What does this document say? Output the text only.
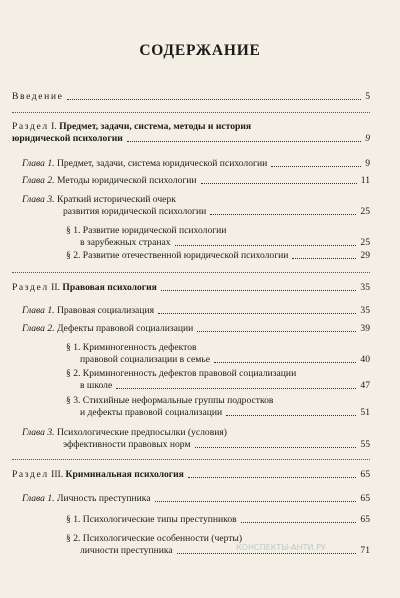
СОДЕРЖАНИЕ
Введение	5
Раздел I. Предмет, задачи, система, методы и история
юридической психологии	9
Глава 1. Предмет, задачи, система юридической психологии	9
Глава 2. Методы юридической психологии	11
Глава 3. Краткий исторический очерк
развития юридической психологии	25
§ 1. Развитие юридической психологии
в зарубежных странах	25
§ 2. Развитие отечественной юридической психологии	29
Раздел II. Правовая психология	35
Глава 1. Правовая социализация	35
Глава 2. Дефекты правовой социализации	39
§ 1. Криминогенность дефектов
правовой социализации в семье	40
§ 2. Криминогенность дефектов правовой социализации
в школе	47
§ 3. Стихийные неформальные группы подростков
и дефекты правовой социализации	51
Глава 3. Психологические предпосылки (условия)
эффективности правовых норм	55
Раздел III. Криминальная психология	65
Глава 1. Личность преступника	65
§ 1. Психологические типы преступников	65
§ 2. Психологические особенности (черты)
личности преступника	71
КОНСПЕКТЫ-АНТИ.РУ
